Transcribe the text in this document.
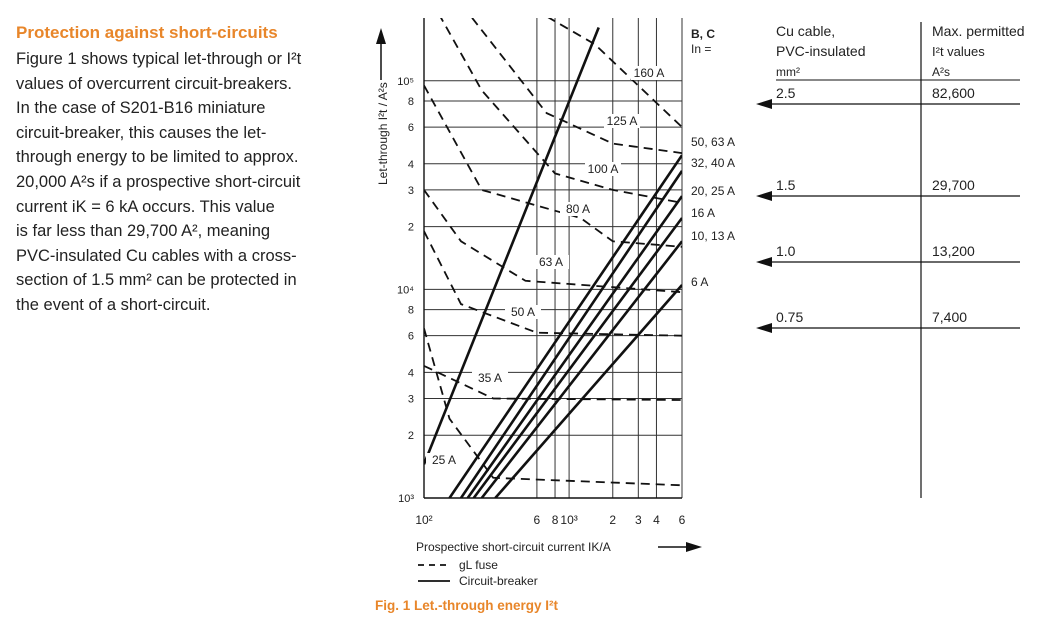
Protection against short-circuits
Figure 1 shows typical let-through or I²t
values of overcurrent circuit-breakers.
In the case of S201-B16 miniature
circuit-breaker, this causes the let-
through energy to be limited to approx.
20,000 A²s if a prospective short-circuit
current iK = 6 kA occurs. This value
is far less than 29,700 A², meaning
PVC-insulated Cu cables with a cross-
section of 1.5 mm² can be protected in
the event of a short-circuit.
10²	6 8 10³	2 3 4 6
10³
2
3
4
6
8
10⁴
2
3
4
6
8
10⁵
25 A
35 A
50 A
63 A
80 A
100 A
125 A
160 A
B, C
In =
50, 63 A
32, 40 A
20, 25 A
16 A
10, 13 A
6 A
Let-through I²t / A²s
Prospective short-circuit current IK/A
gL fuse
Circuit-breaker
Cu cable,
PVC-insulated
mm²
Max. permitted
I²t values
A²s
2.5	82,600
1.5	29,700
1.0	13,200
0.75	7,400
Fig. 1 Let.-through energy I²t
